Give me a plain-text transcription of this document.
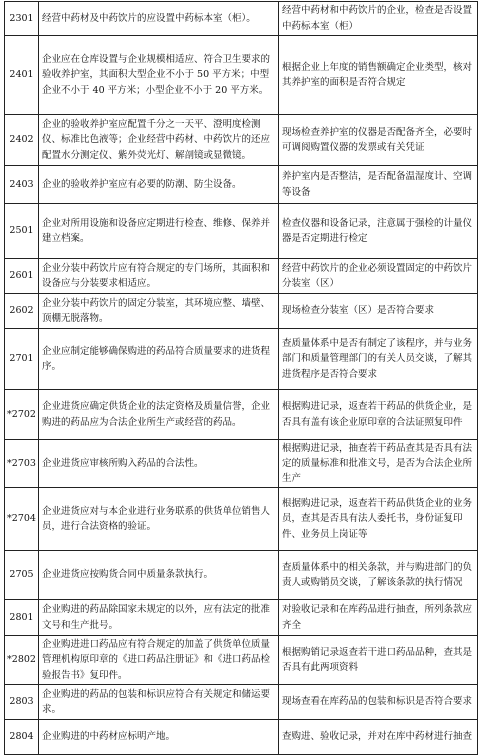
2301	经营中药材及中药饮片的应设置中药标本室（柜）。	经营中药材和中药饮片的企业，检查是否设置中药标本室（柜）
2401	企业应在仓库设置与企业规模相适应、符合卫生要求的验收养护室，其面积大型企业不小于 50 平方米；中型企业不小于 40 平方米；小型企业不小于 20 平方米。	根据企业上年度的销售额确定企业类型，核对其养护室的面积是否符合规定
2402	企业的验收养护室应配置千分之一天平、澄明度检测仪、标准比色液等；企业经营中药材、中药饮片的还应配置水分测定仪、紫外荧光灯、解剖镜或显微镜。	现场检查养护室的仪器是否配备齐全，必要时可调阅购置仪器的发票或有关凭证
2403	企业的验收养护室应有必要的防潮、防尘设备。	养护室内是否整洁，是否配备温湿度计、空调等设备
2501	企业对所用设施和设备应定期进行检查、维修、保养并建立档案。	检查仪器和设备记录，注意属于强检的计量仪器是否定期进行检定
2601	企业分装中药饮片应有符合规定的专门场所，其面积和设备应与分装要求相适应。	经营中药饮片的企业必须设置固定的中药饮片分装室（区）
2602	企业分装中药饮片的固定分装室，其环境应整、墙壁、顶棚无脱落物。	现场检查分装室（区）是否符合要求
2701	企业应制定能够确保购进的药品符合质量要求的进货程序。	查质量体系中是否有制定了该程序，并与业务部门和质量管理部门的有关人员交谈，了解其进货程序是否符合要求
*2702	企业进货应确定供货企业的法定资格及质量信誉，企业购进的药品应为合法企业所生产或经营的药品。	根据购进记录，返查若干药品的供货企业，是否具有盖有该企业原印章的合法证照复印件
*2703	企业进货应审核所购入药品的合法性。	根据购进记录，抽查若干药品查其是否具有法定的质量标准和批准文号，是否为合法企业所生产
*2704	企业进货应对与本企业进行业务联系的供货单位销售人员，进行合法资格的验证。	根据购进记录，返查若干药品供货企业的业务员，查其是否具有法人委托书，身份证复印件、业务员上岗证等
2705	企业进货应按购货合同中质量条款执行。	查质量体系中的相关条款，并与购进部门的负责人或购销员交谈，了解该条款的执行情况
2801	企业购进的药品除国家未规定的以外，应有法定的批准文号和生产批号。	对验收记录和在库药品进行抽查，所列条款应齐全
*2802	企业购进进口药品应有符合规定的加盖了供货单位质量管理机构原印章的《进口药品注册证》和《进口药品检验报告书》复印件。	根据购销记录返查若干进口药品品种，查其是否具有此两项资料
2803	企业购进的药品的包装和标识应符合有关规定和储运要求。	现场查看在库药品的包装和标识是否符合要求
2804	企业购进的中药材应标明产地。	查购进、验收记录，并对在库中药材进行抽查
